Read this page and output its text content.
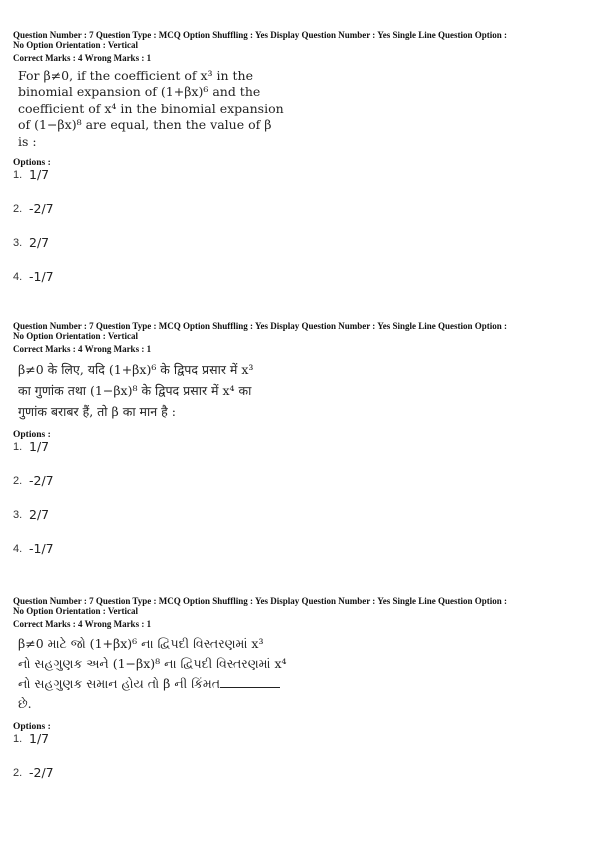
Question Number : 7 Question Type : MCQ Option Shuffling : Yes Display Question Number : Yes Single Line Question Option :
No Option Orientation : Vertical
Correct Marks : 4 Wrong Marks : 1
For β≠0, if the coefficient of x³ in the
binomial expansion of (1+βx)⁶ and the
coefficient of x⁴ in the binomial expansion
of (1−βx)⁸ are equal, then the value of β
is :
Options :
1. 1/7
2. -2/7
3. 2/7
4. -1/7
Question Number : 7 Question Type : MCQ Option Shuffling : Yes Display Question Number : Yes Single Line Question Option :
No Option Orientation : Vertical
Correct Marks : 4 Wrong Marks : 1
β≠0 के लिए, यदि (1+βx)⁶ के द्विपद प्रसार में x³
का गुणांक तथा (1−βx)⁸ के द्विपद प्रसार में x⁴ का
गुणांक बराबर हैं, तो β का मान है :
Options :
1. 1/7
2. -2/7
3. 2/7
4. -1/7
Question Number : 7 Question Type : MCQ Option Shuffling : Yes Display Question Number : Yes Single Line Question Option :
No Option Orientation : Vertical
Correct Marks : 4 Wrong Marks : 1
β≠0 માટે જો (1+βx)⁶ ના દ્વિપદી વિસ્તરણમાં x³
નો સહગુણક અને (1−βx)⁸ ના દ્વિપદી વિસ્તરણમાં x⁴
નો સહગુણક સમાન હોય તો β ની કિંમત
છે.
Options :
1. 1/7
2. -2/7
